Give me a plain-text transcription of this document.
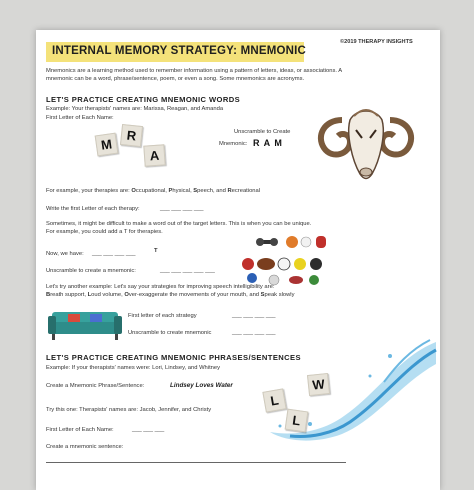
INTERNAL MEMORY STRATEGY: MNEMONIC
©2019 THERAPY INSIGHTS
Mnemonics are a learning method used to remember information using a pattern of letters, ideas, or associations. A
mnemonic can be a word, phrase/sentence, poem, or even a song. Some mnemonics are acronyms.
LET'S PRACTICE CREATING MNEMONIC WORDS
Example: Your therapists' names are: Marissa, Reagan, and Amanda
First Letter of Each Name:
M
R
A
Unscramble to Create
Mnemonic: R A M
For example, your therapies are: Occupational, Physical, Speech, and Recreational
Write the first Letter of each therapy:	___ ___ ___ ___
Sometimes, it might be difficult to make a word out of the target letters. This is when you can be unique.
For example, you could add a T for therapies.
Now, we have: ___ ___ ___ ___	T
Unscramble to create a mnemonic:	___ ___ ___ ___ ___
Let's try another example: Let's say your strategies for improving speech intelligibility are:
Breath support, Loud volume, Over-exaggerate the movements of your mouth, and Speak slowly
First letter of each strategy	___ ___ ___ ___
Unscramble to create mnemonic	___ ___ ___ ___
LET'S PRACTICE CREATING MNEMONIC PHRASES/SENTENCES
Example: If your therapists' names were: Lori, Lindsey, and Whitney
Create a Mnemonic Phrase/Sentence:	Lindsey Loves Water
L
L
W
Try this one: Therapists' names are: Jacob, Jennifer, and Christy
First Letter of Each Name:	___ ___ ___
Create a mnemonic sentence:
